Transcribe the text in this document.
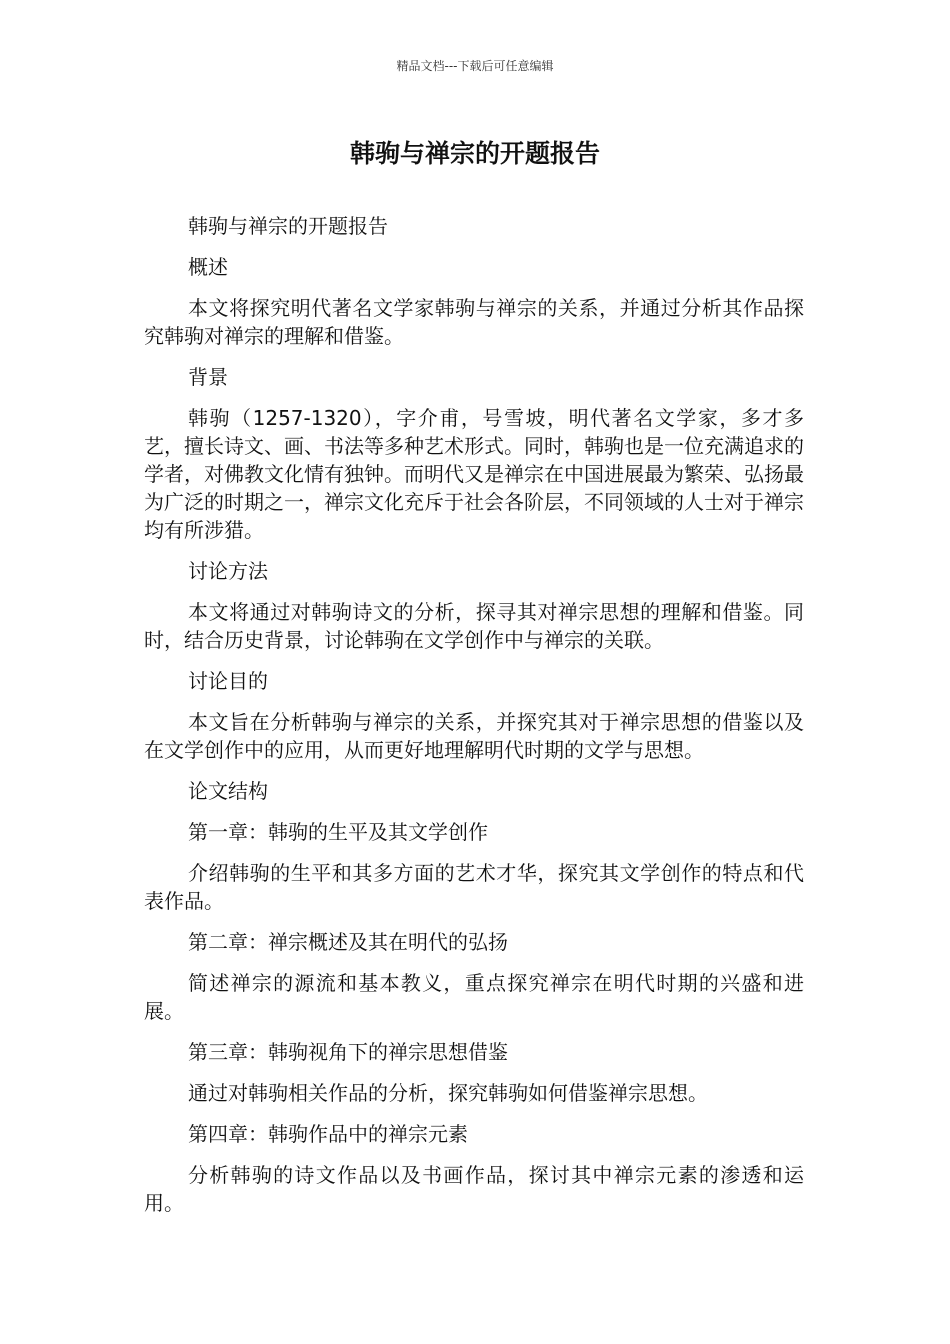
精品文档---下载后可任意编辑
韩驹与禅宗的开题报告

韩驹与禅宗的开题报告

概述

本文将探究明代著名文学家韩驹与禅宗的关系，并通过分析其作品探究韩驹对禅宗的理解和借鉴。

背景

韩驹（1257-1320），字介甫，号雪坡，明代著名文学家，多才多艺，擅长诗文、画、书法等多种艺术形式。同时，韩驹也是一位充满追求的学者，对佛教文化情有独钟。而明代又是禅宗在中国进展最为繁荣、弘扬最为广泛的时期之一，禅宗文化充斥于社会各阶层，不同领域的人士对于禅宗均有所涉猎。

讨论方法

本文将通过对韩驹诗文的分析，探寻其对禅宗思想的理解和借鉴。同时，结合历史背景，讨论韩驹在文学创作中与禅宗的关联。

讨论目的

本文旨在分析韩驹与禅宗的关系，并探究其对于禅宗思想的借鉴以及在文学创作中的应用，从而更好地理解明代时期的文学与思想。

论文结构

第一章：韩驹的生平及其文学创作

介绍韩驹的生平和其多方面的艺术才华，探究其文学创作的特点和代表作品。

第二章：禅宗概述及其在明代的弘扬

简述禅宗的源流和基本教义，重点探究禅宗在明代时期的兴盛和进展。

第三章：韩驹视角下的禅宗思想借鉴

通过对韩驹相关作品的分析，探究韩驹如何借鉴禅宗思想。

第四章：韩驹作品中的禅宗元素

分析韩驹的诗文作品以及书画作品，探讨其中禅宗元素的渗透和运用。
